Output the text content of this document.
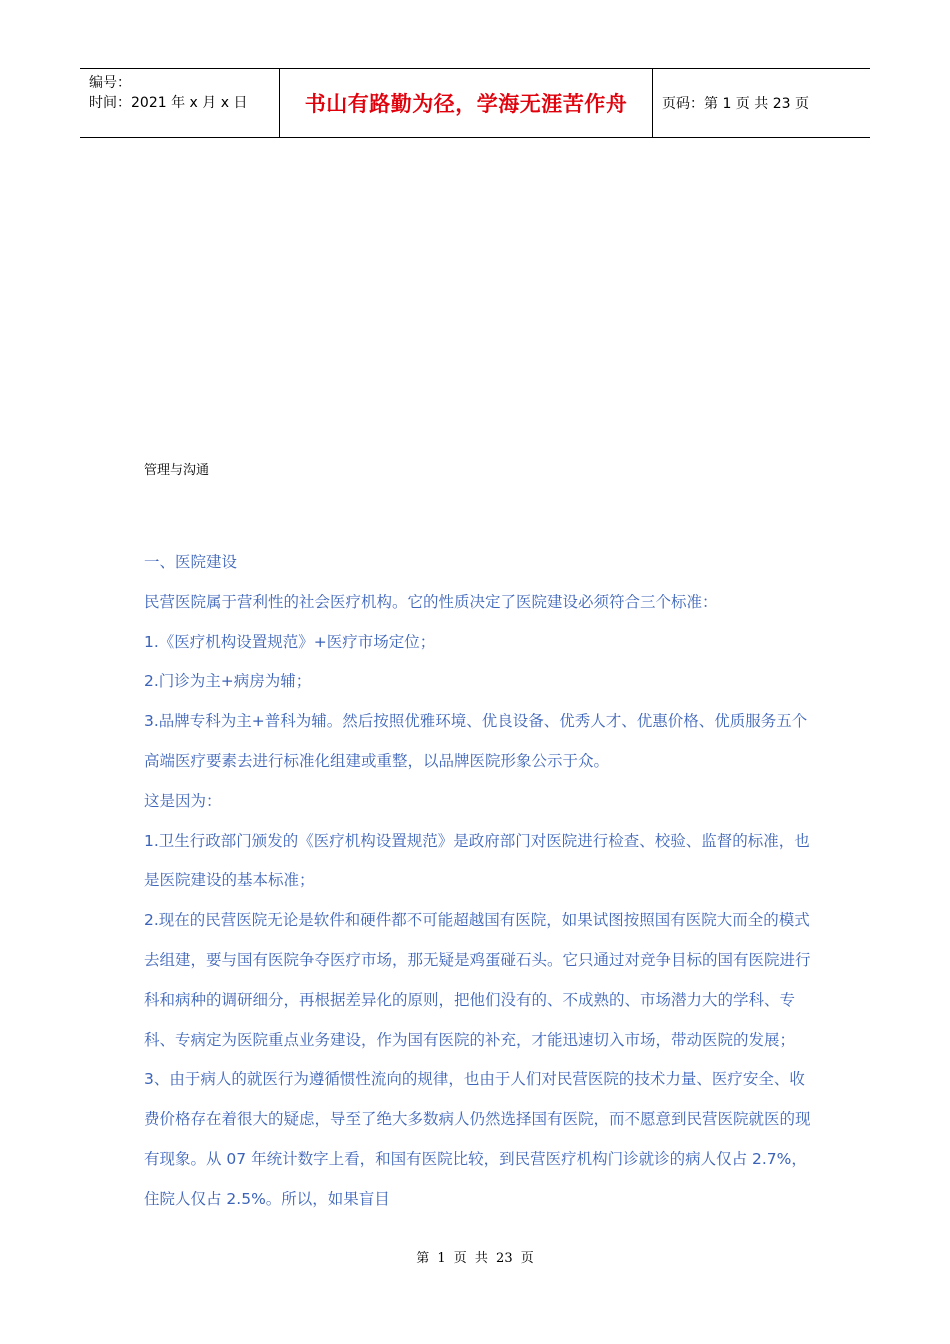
编号：
时间：2021 年 x 月 x 日	书山有路勤为径，学海无涯苦作舟 页码：第 1 页 共 23 页
管理与沟通

一、医院建设

民营医院属于营利性的社会医疗机构。它的性质决定了医院建设必须符合三个标准：

1.《医疗机构设置规范》+医疗市场定位；

2.门诊为主+病房为辅；

3.品牌专科为主+普科为辅。然后按照优雅环境、优良设备、优秀人才、优惠价格、优质服务五个高端医疗要素去进行标准化组建或重整，以品牌医院形象公示于众。

这是因为：

1.卫生行政部门颁发的《医疗机构设置规范》是政府部门对医院进行检查、校验、监督的标准，也是医院建设的基本标准；

2.现在的民营医院无论是软件和硬件都不可能超越国有医院，如果试图按照国有医院大而全的模式去组建，要与国有医院争夺医疗市场，那无疑是鸡蛋碰石头。它只通过对竞争目标的国有医院进行科和病种的调研细分，再根据差异化的原则，把他们没有的、不成熟的、市场潜力大的学科、专科、专病定为医院重点业务建设，作为国有医院的补充，才能迅速切入市场，带动医院的发展；3、由于病人的就医行为遵循惯性流向的规律，也由于人们对民营医院的技术力量、医疗安全、收费价格存在着很大的疑虑，导至了绝大多数病人仍然选择国有医院，而不愿意到民营医院就医的现有现象。从 07 年统计数字上看，和国有医院比较，到民营医疗机构门诊就诊的病人仅占 2.7%，住院人仅占 2.5%。所以，如果盲目

第 1 页 共 23 页
